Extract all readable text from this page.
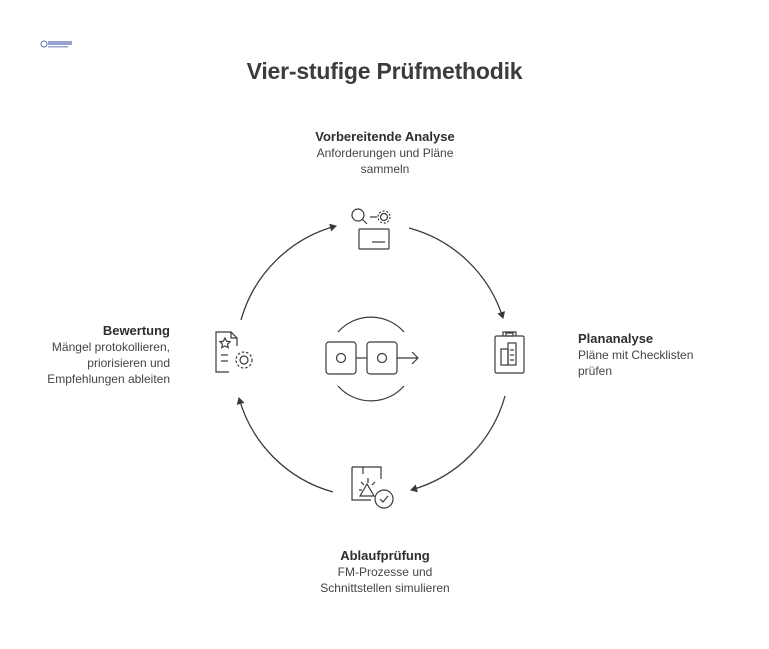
Vier-stufige Prüfmethodik
Vorbereitende Analyse
Anforderungen und Pläne
sammeln
Plananalyse
Pläne mit Checklisten
prüfen
Ablaufprüfung
FM-Prozesse und
Schnittstellen simulieren
Bewertung
Mängel protokollieren,
priorisieren und
Empfehlungen ableiten
